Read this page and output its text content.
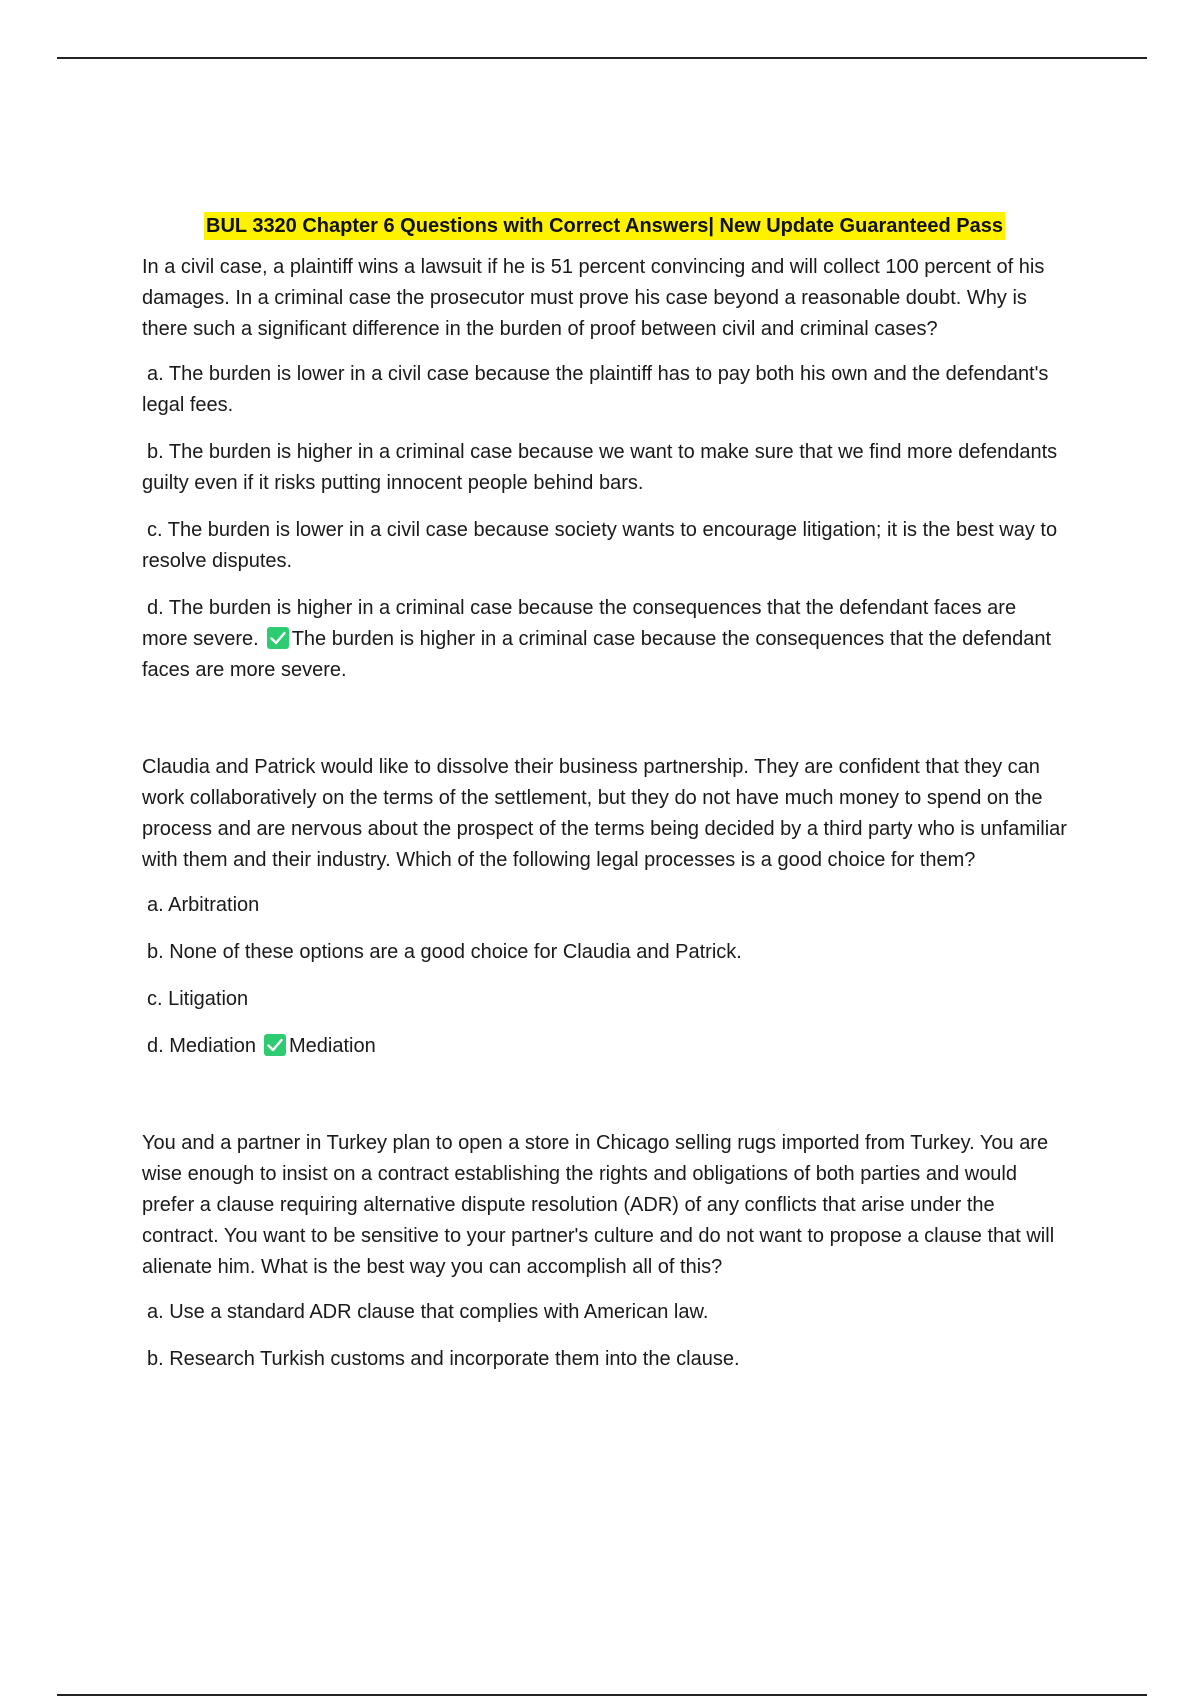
BUL 3320 Chapter 6 Questions with Correct Answers| New Update Guaranteed Pass

In a civil case, a plaintiff wins a lawsuit if he is 51 percent convincing and will collect 100 percent of his damages. In a criminal case the prosecutor must prove his case beyond a reasonable doubt. Why is there such a significant difference in the burden of proof between civil and criminal cases?

a. The burden is lower in a civil case because the plaintiff has to pay both his own and the defendant's legal fees.

b. The burden is higher in a criminal case because we want to make sure that we find more defendants guilty even if it risks putting innocent people behind bars.

c. The burden is lower in a civil case because society wants to encourage litigation; it is the best way to resolve disputes.

d. The burden is higher in a criminal case because the consequences that the defendant faces are more severe. The burden is higher in a criminal case because the consequences that the defendant faces are more severe.

Claudia and Patrick would like to dissolve their business partnership. They are confident that they can work collaboratively on the terms of the settlement, but they do not have much money to spend on the process and are nervous about the prospect of the terms being decided by a third party who is unfamiliar with them and their industry. Which of the following legal processes is a good choice for them?

a. Arbitration

b. None of these options are a good choice for Claudia and Patrick.

c. Litigation

d. Mediation Mediation

You and a partner in Turkey plan to open a store in Chicago selling rugs imported from Turkey. You are wise enough to insist on a contract establishing the rights and obligations of both parties and would prefer a clause requiring alternative dispute resolution (ADR) of any conflicts that arise under the contract. You want to be sensitive to your partner's culture and do not want to propose a clause that will alienate him. What is the best way you can accomplish all of this?

a. Use a standard ADR clause that complies with American law.

b. Research Turkish customs and incorporate them into the clause.
